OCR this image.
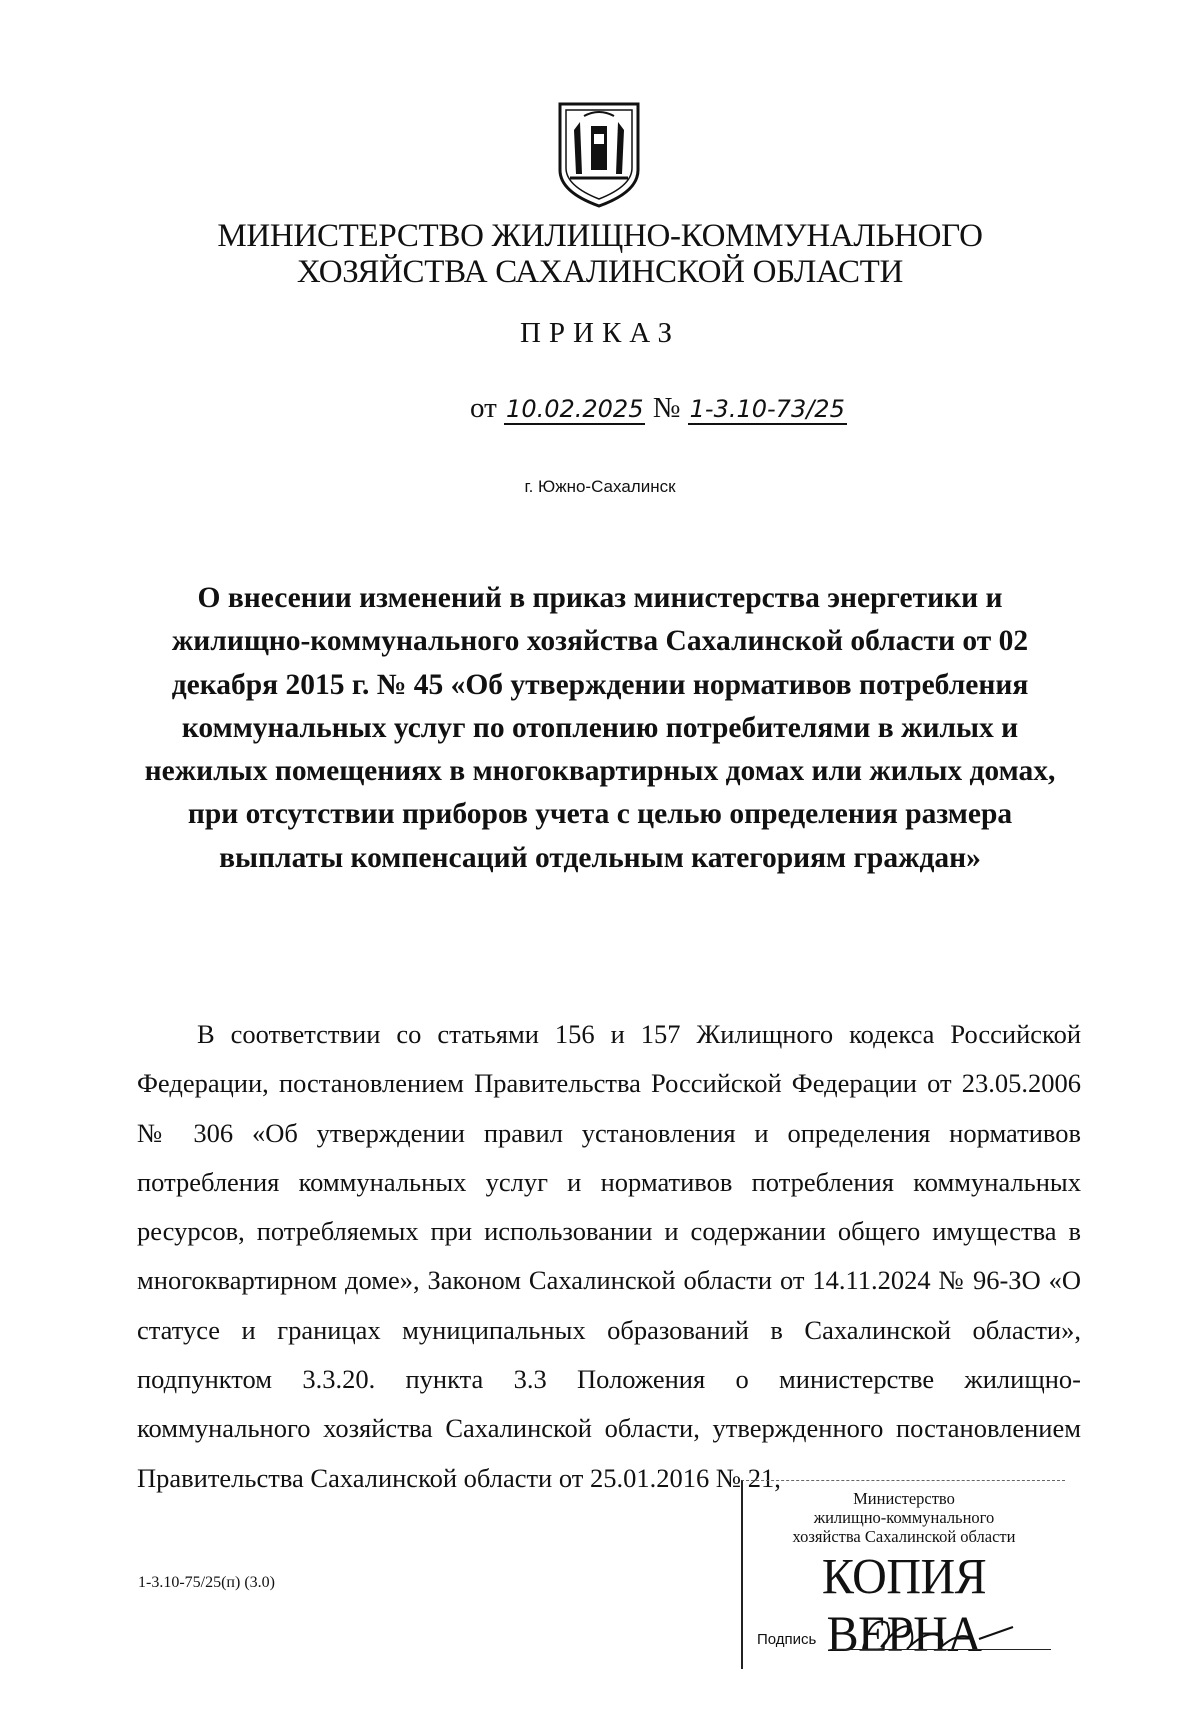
МИНИСТЕРСТВО ЖИЛИЩНО-КОММУНАЛЬНОГО
ХОЗЯЙСТВА САХАЛИНСКОЙ ОБЛАСТИ
ПРИКАЗ
от 10.02.2025 № 1-3.10-73/25
г. Южно-Сахалинск
О внесении изменений в приказ министерства энергетики и жилищно-коммунального хозяйства Сахалинской области от 02 декабря 2015 г. № 45 «Об утверждении нормативов потребления коммунальных услуг по отоплению потребителями в жилых и нежилых помещениях в многоквартирных домах или жилых домах, при отсутствии приборов учета с целью определения размера выплаты компенсаций отдельным категориям граждан»
В соответствии со статьями 156 и 157 Жилищного кодекса Российской Федерации, постановлением Правительства Российской Федерации от 23.05.2006 № 306 «Об утверждении правил установления и определения нормативов потребления коммунальных услуг и нормативов потребления коммунальных ресурсов, потребляемых при использовании и содержании общего имущества в многоквартирном доме», Законом Сахалинской области от 14.11.2024 № 96-ЗО «О статусе и границах муниципальных образований в Сахалинской области», подпунктом 3.3.20. пункта 3.3 Положения о министерстве жилищно-коммунального хозяйства Сахалинской области, утвержденного постановлением Правительства Сахалинской области от 25.01.2016 № 21,
1-3.10-75/25(п) (3.0)
Министерство
жилищно-коммунального
хозяйства Сахалинской области
КОПИЯ ВЕРНА
Подпись
